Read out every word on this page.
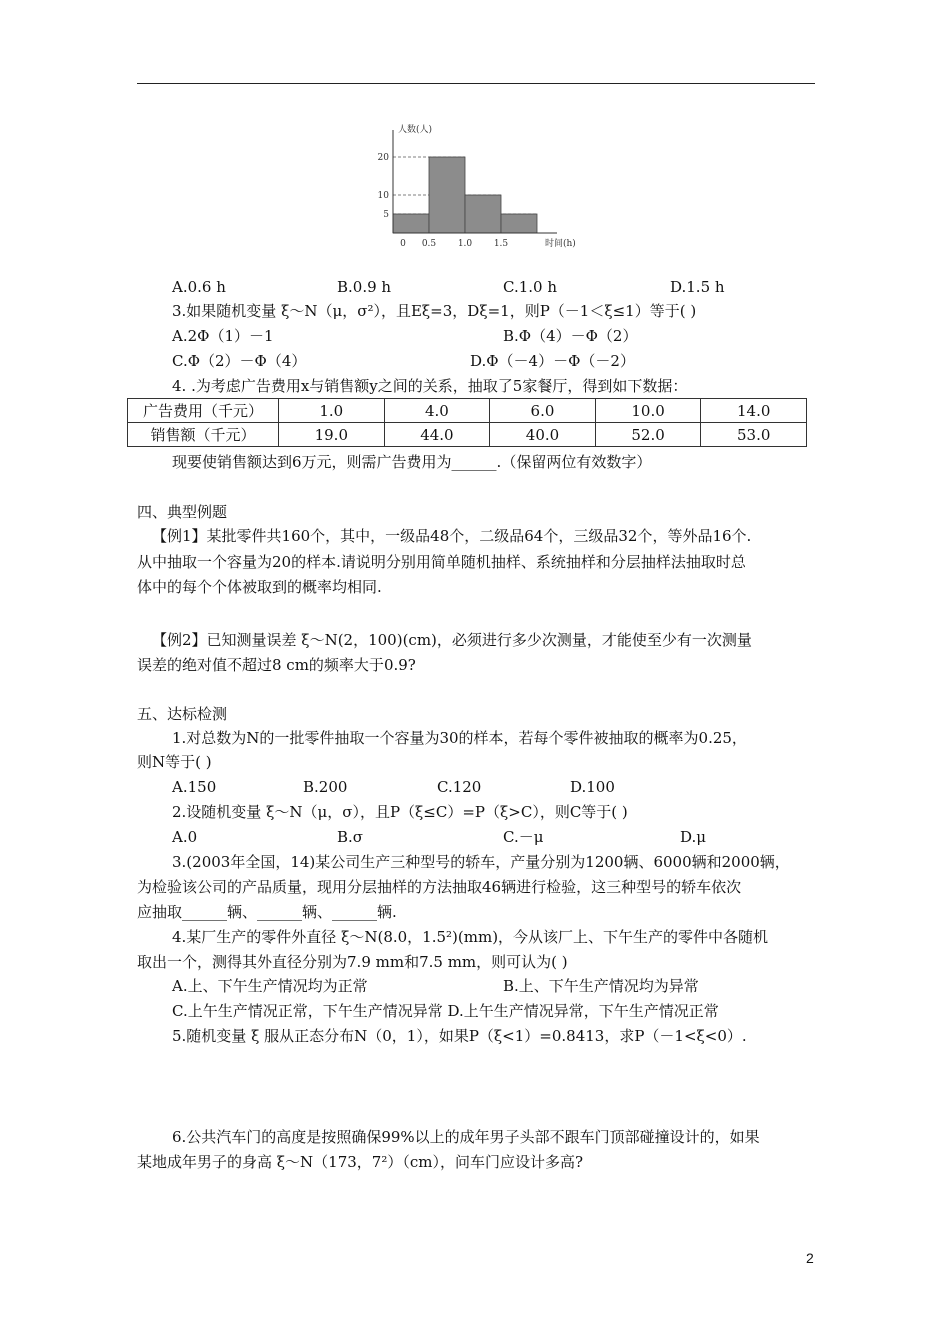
5
10
20
0 0.5 1.0 1.5
人数(人)
时间(h)
A.0.6 h	B.0.9 h	C.1.0 h	D.1.5 h
3.如果随机变量 ξ～N（μ，σ²），且Eξ=3，Dξ=1，则P（－1＜ξ≤1）等于( )
A.2Φ（1）－1	B.Φ（4）－Φ（2）
C.Φ（2）－Φ（4）	D.Φ（－4）－Φ（－2）
4. .为考虑广告费用x与销售额y之间的关系，抽取了5家餐厅，得到如下数据：
广告费用（千元）	1.0	4.0	6.0	10.0	14.0
销售额（千元）	19.0	44.0	40.0	52.0	53.0
现要使销售额达到6万元，则需广告费用为______.（保留两位有效数字）
四、典型例题
【例1】某批零件共160个，其中，一级品48个，二级品64个，三级品32个，等外品16个.
从中抽取一个容量为20的样本.请说明分别用简单随机抽样、系统抽样和分层抽样法抽取时总
体中的每个个体被取到的概率均相同.
【例2】已知测量误差 ξ～N(2，100)(cm)，必须进行多少次测量，才能使至少有一次测量
误差的绝对值不超过8 cm的频率大于0.9?
五、达标检测
1.对总数为N的一批零件抽取一个容量为30的样本，若每个零件被抽取的概率为0.25，
则N等于( )
A.150	B.200	C.120	D.100
2.设随机变量 ξ～N（μ，σ），且P（ξ≤C）=P（ξ>C），则C等于( )
A.0	B.σ	C.－μ	D.μ
3.(2003年全国，14)某公司生产三种型号的轿车，产量分别为1200辆、6000辆和2000辆，
为检验该公司的产品质量，现用分层抽样的方法抽取46辆进行检验，这三种型号的轿车依次
应抽取______辆、______辆、______辆.
4.某厂生产的零件外直径 ξ～N(8.0，1.5²)(mm)，今从该厂上、下午生产的零件中各随机
取出一个，测得其外直径分别为7.9 mm和7.5 mm，则可认为( )
A.上、下午生产情况均为正常	B.上、下午生产情况均为异常
C.上午生产情况正常，下午生产情况异常 D.上午生产情况异常，下午生产情况正常
5.随机变量 ξ 服从正态分布N（0，1），如果P（ξ<1）=0.8413，求P（－1<ξ<0）.
6.公共汽车门的高度是按照确保99%以上的成年男子头部不跟车门顶部碰撞设计的，如果
某地成年男子的身高 ξ～N（173，7²）（cm），问车门应设计多高?
2
